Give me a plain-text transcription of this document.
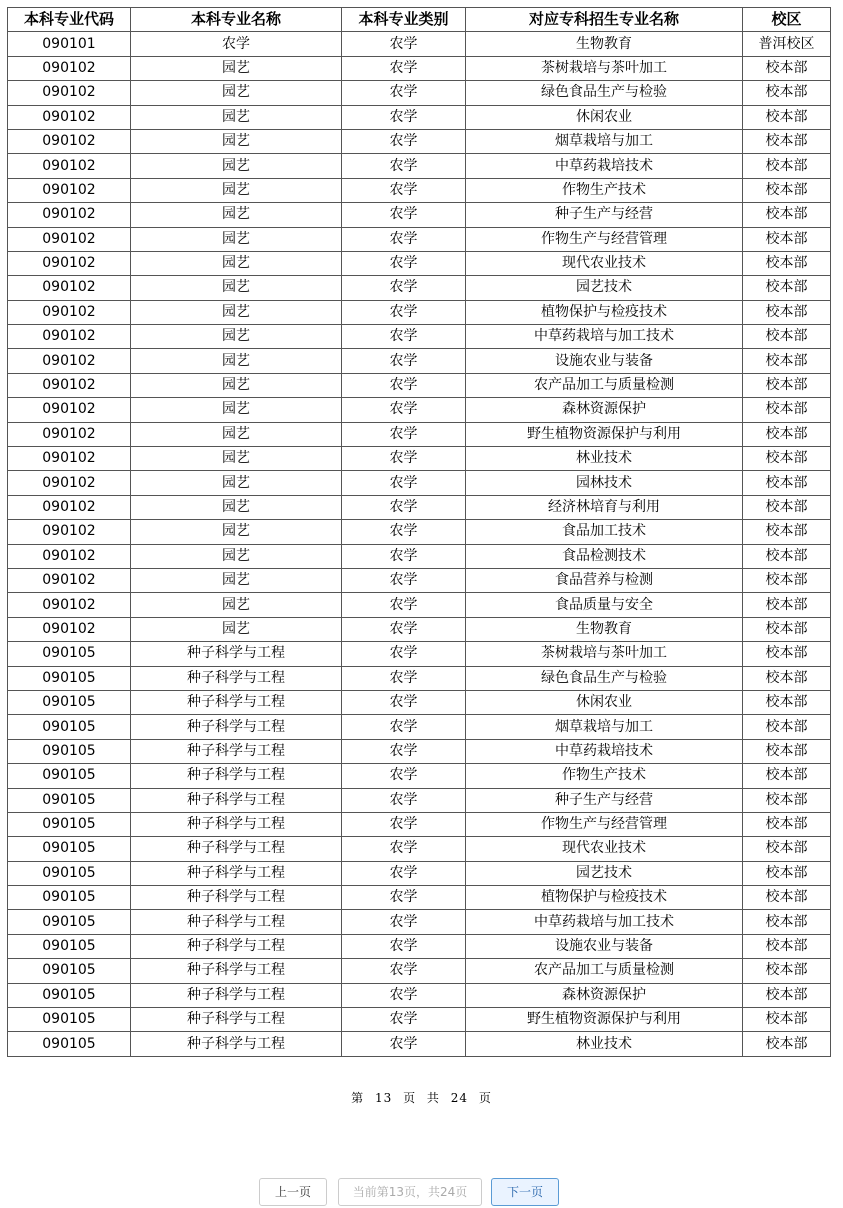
本科专业代码	本科专业名称	本科专业类别	对应专科招生专业名称	校区
090101	农学	农学	生物教育	普洱校区
090102	园艺	农学	茶树栽培与茶叶加工	校本部
090102	园艺	农学	绿色食品生产与检验	校本部
090102	园艺	农学	休闲农业	校本部
090102	园艺	农学	烟草栽培与加工	校本部
090102	园艺	农学	中草药栽培技术	校本部
090102	园艺	农学	作物生产技术	校本部
090102	园艺	农学	种子生产与经营	校本部
090102	园艺	农学	作物生产与经营管理	校本部
090102	园艺	农学	现代农业技术	校本部
090102	园艺	农学	园艺技术	校本部
090102	园艺	农学	植物保护与检疫技术	校本部
090102	园艺	农学	中草药栽培与加工技术	校本部
090102	园艺	农学	设施农业与装备	校本部
090102	园艺	农学	农产品加工与质量检测	校本部
090102	园艺	农学	森林资源保护	校本部
090102	园艺	农学	野生植物资源保护与利用	校本部
090102	园艺	农学	林业技术	校本部
090102	园艺	农学	园林技术	校本部
090102	园艺	农学	经济林培育与利用	校本部
090102	园艺	农学	食品加工技术	校本部
090102	园艺	农学	食品检测技术	校本部
090102	园艺	农学	食品营养与检测	校本部
090102	园艺	农学	食品质量与安全	校本部
090102	园艺	农学	生物教育	校本部
090105	种子科学与工程	农学	茶树栽培与茶叶加工	校本部
090105	种子科学与工程	农学	绿色食品生产与检验	校本部
090105	种子科学与工程	农学	休闲农业	校本部
090105	种子科学与工程	农学	烟草栽培与加工	校本部
090105	种子科学与工程	农学	中草药栽培技术	校本部
090105	种子科学与工程	农学	作物生产技术	校本部
090105	种子科学与工程	农学	种子生产与经营	校本部
090105	种子科学与工程	农学	作物生产与经营管理	校本部
090105	种子科学与工程	农学	现代农业技术	校本部
090105	种子科学与工程	农学	园艺技术	校本部
090105	种子科学与工程	农学	植物保护与检疫技术	校本部
090105	种子科学与工程	农学	中草药栽培与加工技术	校本部
090105	种子科学与工程	农学	设施农业与装备	校本部
090105	种子科学与工程	农学	农产品加工与质量检测	校本部
090105	种子科学与工程	农学	森林资源保护	校本部
090105	种子科学与工程	农学	野生植物资源保护与利用	校本部
090105	种子科学与工程	农学	林业技术	校本部
第 13 页 共 24 页
上一页	当前第13页，共24页	下一页
